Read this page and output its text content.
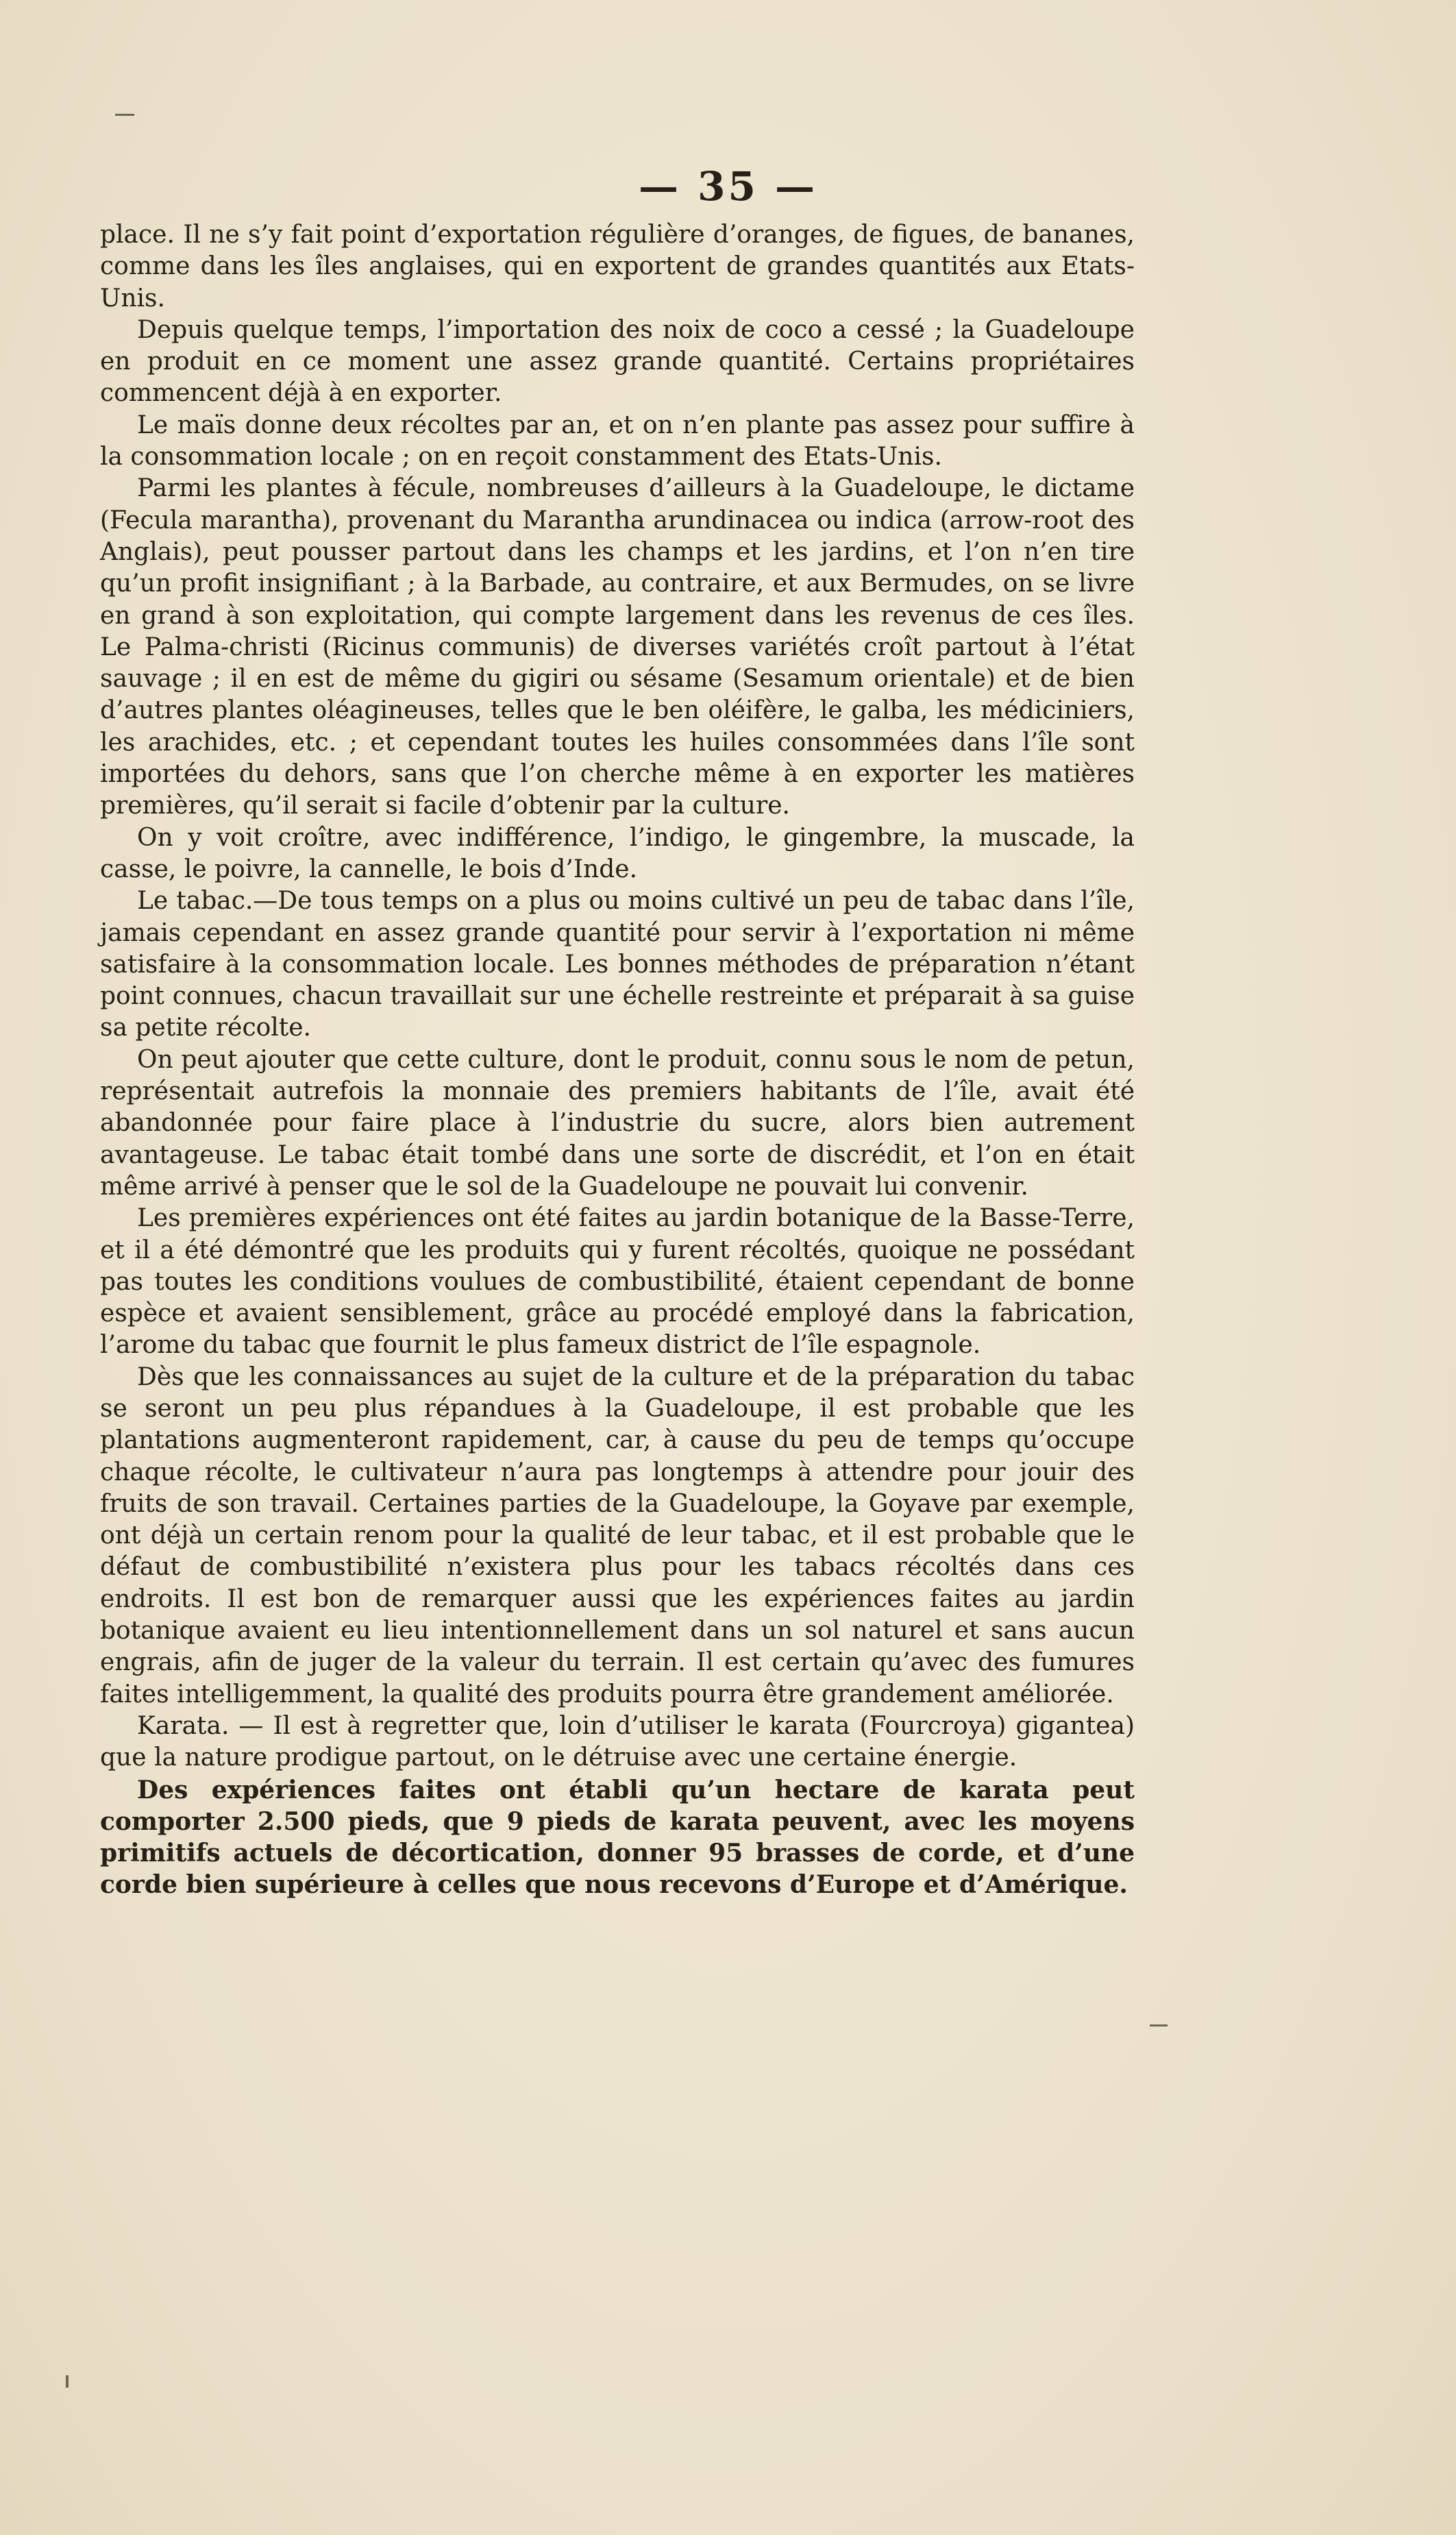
— 35 —

place. Il ne s’y fait point d’exportation régulière d’oranges, de figues, de bananes, comme dans les îles anglaises, qui en exportent de grandes quantités aux Etats-Unis.

Depuis quelque temps, l’importation des noix de coco a cessé ; la Guadeloupe en produit en ce moment une assez grande quantité. Certains propriétaires commencent déjà à en exporter.

Le maïs donne deux récoltes par an, et on n’en plante pas assez pour suffire à la consommation locale ; on en reçoit constamment des Etats-Unis.

Parmi les plantes à fécule, nombreuses d’ailleurs à la Guadeloupe, le dictame (Fecula marantha), provenant du Marantha arundinacea ou indica (arrow-root des Anglais), peut pousser partout dans les champs et les jardins, et l’on n’en tire qu’un profit insignifiant ; à la Barbade, au contraire, et aux Bermudes, on se livre en grand à son exploitation, qui compte largement dans les revenus de ces îles. Le Palma-christi (Ricinus communis) de diverses variétés croît partout à l’état sauvage ; il en est de même du gigiri ou sésame (Sesamum orientale) et de bien d’autres plantes oléagineuses, telles que le ben oléifère, le galba, les médiciniers, les arachides, etc. ; et cependant toutes les huiles consommées dans l’île sont importées du dehors, sans que l’on cherche même à en exporter les matières premières, qu’il serait si facile d’obtenir par la culture.

On y voit croître, avec indifférence, l’indigo, le gingembre, la muscade, la casse, le poivre, la cannelle, le bois d’Inde.

Le tabac.—De tous temps on a plus ou moins cultivé un peu de tabac dans l’île, jamais cependant en assez grande quantité pour servir à l’exportation ni même satisfaire à la consommation locale. Les bonnes méthodes de préparation n’étant point connues, chacun travaillait sur une échelle restreinte et préparait à sa guise sa petite récolte.

On peut ajouter que cette culture, dont le produit, connu sous le nom de petun, représentait autrefois la monnaie des premiers habitants de l’île, avait été abandonnée pour faire place à l’industrie du sucre, alors bien autrement avantageuse. Le tabac était tombé dans une sorte de discrédit, et l’on en était même arrivé à penser que le sol de la Guadeloupe ne pouvait lui convenir.

Les premières expériences ont été faites au jardin botanique de la Basse-Terre, et il a été démontré que les produits qui y furent récoltés, quoique ne possédant pas toutes les conditions voulues de combustibilité, étaient cependant de bonne espèce et avaient sensiblement, grâce au procédé employé dans la fabrication, l’arome du tabac que fournit le plus fameux district de l’île espagnole.

Dès que les connaissances au sujet de la culture et de la préparation du tabac se seront un peu plus répandues à la Guadeloupe, il est probable que les plantations augmenteront rapidement, car, à cause du peu de temps qu’occupe chaque récolte, le cultivateur n’aura pas longtemps à attendre pour jouir des fruits de son travail. Certaines parties de la Guadeloupe, la Goyave par exemple, ont déjà un certain renom pour la qualité de leur tabac, et il est probable que le défaut de combustibilité n’existera plus pour les tabacs récoltés dans ces endroits. Il est bon de remarquer aussi que les expériences faites au jardin botanique avaient eu lieu intentionnellement dans un sol naturel et sans aucun engrais, afin de juger de la valeur du terrain. Il est certain qu’avec des fumures faites intelligemment, la qualité des produits pourra être grandement améliorée.

Karata. — Il est à regretter que, loin d’utiliser le karata (Fourcroya) gigantea) que la nature prodigue partout, on le détruise avec une certaine énergie.

Des expériences faites ont établi qu’un hectare de karata peut comporter 2.500 pieds, que 9 pieds de karata peuvent, avec les moyens primitifs actuels de décortication, donner 95 brasses de corde, et d’une corde bien supérieure à celles que nous recevons d’Europe et d’Amérique.
